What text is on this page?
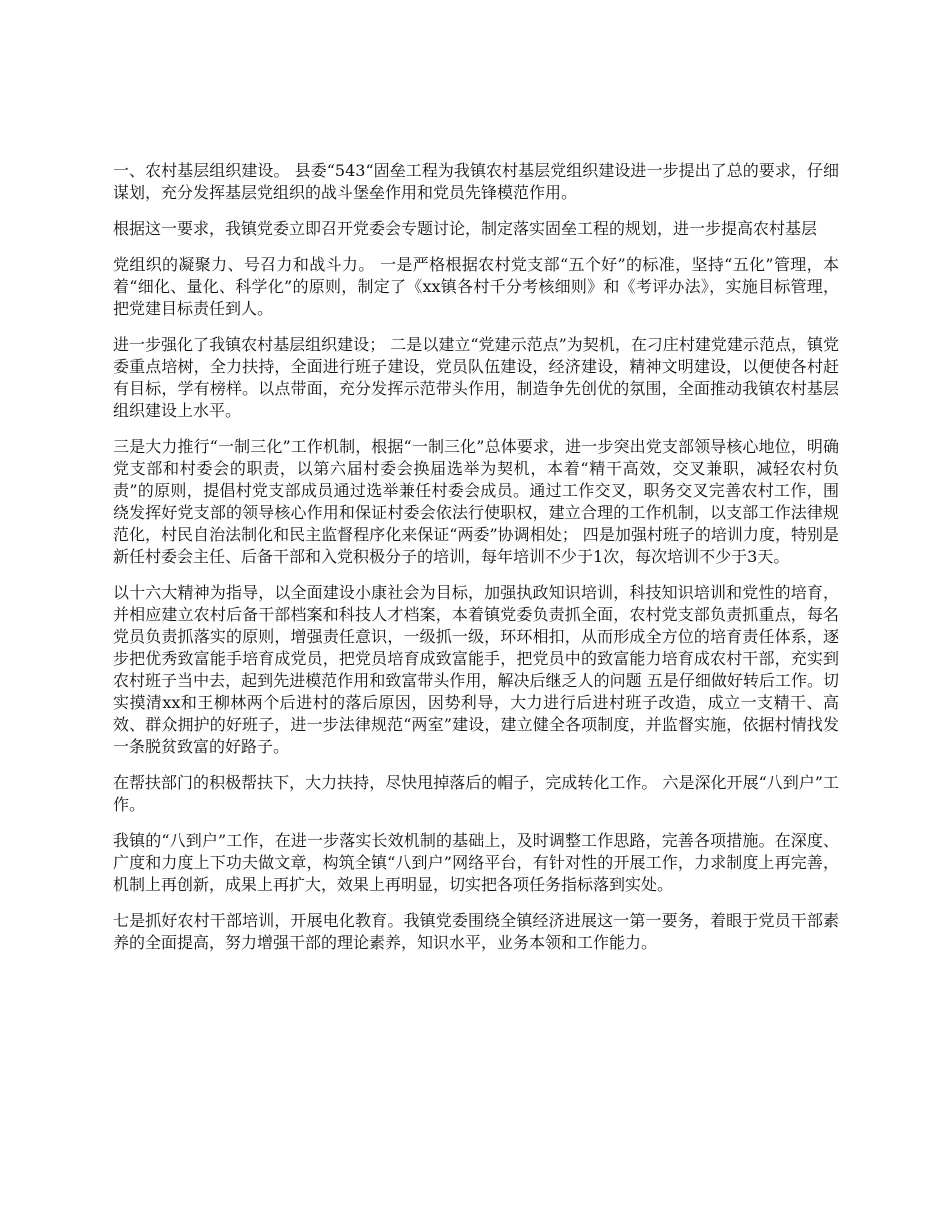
一、农村基层组织建设。 县委“543“固垒工程为我镇农村基层党组织建设进一步提出了总的要求，仔细谋划，充分发挥基层党组织的战斗堡垒作用和党员先锋模范作用。

根据这一要求，我镇党委立即召开党委会专题讨论，制定落实固垒工程的规划，进一步提高农村基层

党组织的凝聚力、号召力和战斗力。 一是严格根据农村党支部“五个好”的标准，坚持“五化”管理，本着“细化、量化、科学化”的原则，制定了《xx镇各村千分考核细则》和《考评办法》，实施目标管理，把党建目标责任到人。

进一步强化了我镇农村基层组织建设； 二是以建立“党建示范点”为契机，在刁庄村建党建示范点，镇党委重点培树，全力扶持，全面进行班子建设，党员队伍建设，经济建设，精神文明建设，以便使各村赶有目标，学有榜样。以点带面，充分发挥示范带头作用，制造争先创优的氛围，全面推动我镇农村基层组织建设上水平。

三是大力推行“一制三化”工作机制，根据“一制三化”总体要求，进一步突出党支部领导核心地位，明确党支部和村委会的职责，以第六届村委会换届选举为契机，本着“精干高效，交叉兼职，减轻农村负责”的原则，提倡村党支部成员通过选举兼任村委会成员。通过工作交叉，职务交叉完善农村工作，围绕发挥好党支部的领导核心作用和保证村委会依法行使职权，建立合理的工作机制，以支部工作法律规范化，村民自治法制化和民主监督程序化来保证“两委”协调相处； 四是加强村班子的培训力度，特别是新任村委会主任、后备干部和入党积极分子的培训，每年培训不少于1次，每次培训不少于3天。

以十六大精神为指导，以全面建设小康社会为目标，加强执政知识培训，科技知识培训和党性的培育，并相应建立农村后备干部档案和科技人才档案，本着镇党委负责抓全面，农村党支部负责抓重点，每名党员负责抓落实的原则，增强责任意识，一级抓一级，环环相扣，从而形成全方位的培育责任体系，逐步把优秀致富能手培育成党员，把党员培育成致富能手，把党员中的致富能力培育成农村干部，充实到农村班子当中去，起到先进模范作用和致富带头作用，解决后继乏人的问题 五是仔细做好转后工作。切实摸清xx和王柳林两个后进村的落后原因，因势利导，大力进行后进村班子改造，成立一支精干、高效、群众拥护的好班子，进一步法律规范“两室”建设，建立健全各项制度，并监督实施，依据村情找发一条脱贫致富的好路子。

在帮扶部门的积极帮扶下，大力扶持，尽快甩掉落后的帽子，完成转化工作。 六是深化开展“八到户”工作。

我镇的“八到户”工作，在进一步落实长效机制的基础上，及时调整工作思路，完善各项措施。在深度、广度和力度上下功夫做文章，构筑全镇“八到户”网络平台，有针对性的开展工作，力求制度上再完善，机制上再创新，成果上再扩大，效果上再明显，切实把各项任务指标落到实处。

七是抓好农村干部培训，开展电化教育。我镇党委围绕全镇经济进展这一第一要务，着眼于党员干部素养的全面提高，努力增强干部的理论素养，知识水平，业务本领和工作能力。
